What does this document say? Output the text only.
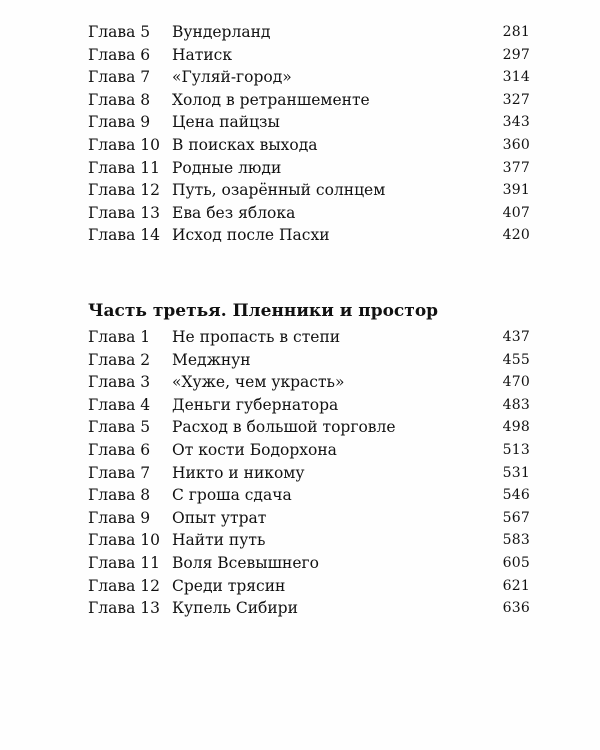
Глава 5 Вундерланд	281
Глава 6 Натиск	297
Глава 7 «Гуляй-город»	314
Глава 8 Холод в ретраншементе	327
Глава 9 Цена пайцзы	343
Глава 10 В поисках выхода	360
Глава 11 Родные люди	377
Глава 12 Путь, озарённый солнцем	391
Глава 13 Ева без яблока	407
Глава 14 Исход после Пасхи	420
Часть третья. Пленники и простор
Глава 1 Не пропасть в степи	437
Глава 2 Меджнун	455
Глава 3 «Хуже, чем украсть»	470
Глава 4 Деньги губернатора	483
Глава 5 Расход в большой торговле	498
Глава 6 От кости Бодорхона	513
Глава 7 Никто и никому	531
Глава 8 С гроша сдача	546
Глава 9 Опыт утрат	567
Глава 10 Найти путь	583
Глава 11 Воля Всевышнего	605
Глава 12 Среди трясин	621
Глава 13 Купель Сибири	636
